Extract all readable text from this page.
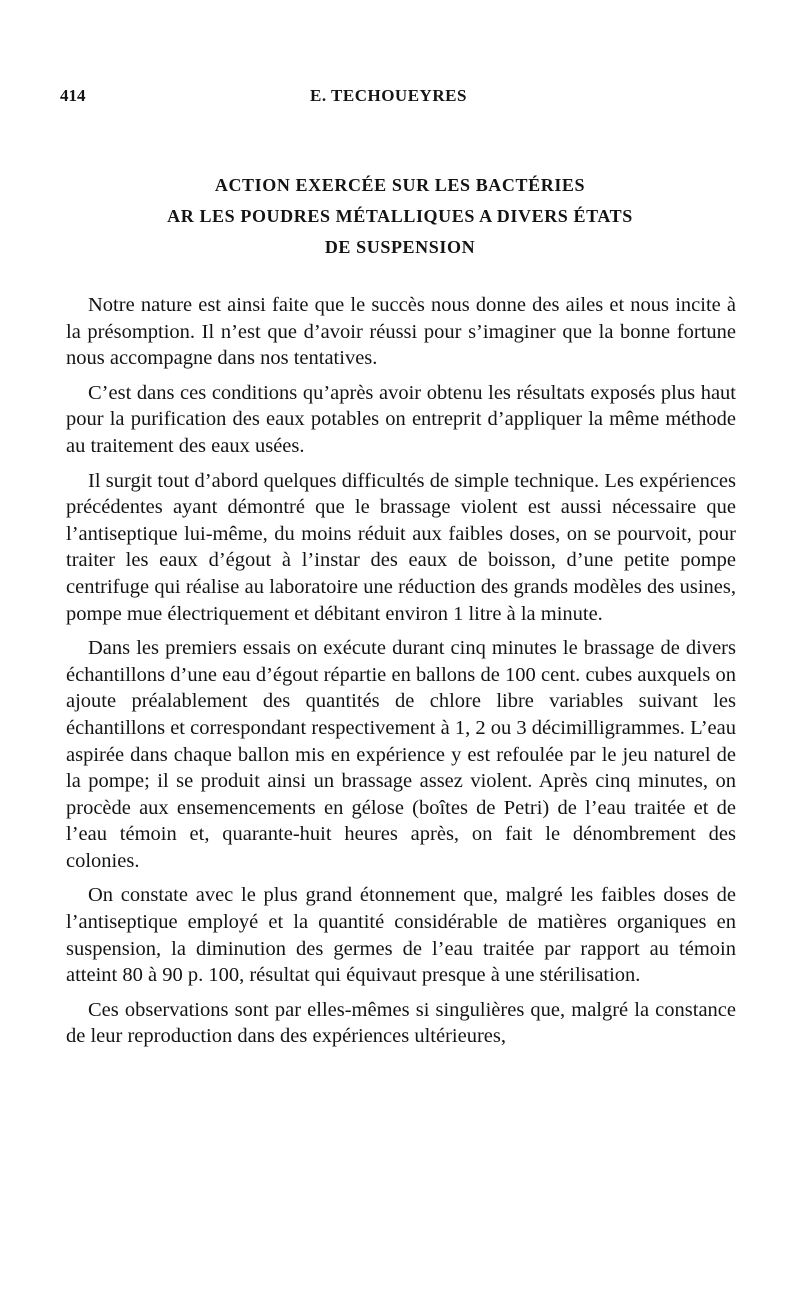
414	E. TECHOUEYRES
ACTION EXERCÉE SUR LES BACTÉRIES
AR LES POUDRES MÉTALLIQUES A DIVERS ÉTATS
DE SUSPENSION

Notre nature est ainsi faite que le succès nous donne des ailes et nous incite à la présomption. Il n’est que d’avoir réussi pour s’imaginer que la bonne fortune nous accompagne dans nos tentatives.

C’est dans ces conditions qu’après avoir obtenu les résultats exposés plus haut pour la purification des eaux potables on entreprit d’appliquer la même méthode au traitement des eaux usées.

Il surgit tout d’abord quelques difficultés de simple technique. Les expériences précédentes ayant démontré que le brassage violent est aussi nécessaire que l’antiseptique lui-même, du moins réduit aux faibles doses, on se pourvoit, pour traiter les eaux d’égout à l’instar des eaux de boisson, d’une petite pompe centrifuge qui réalise au laboratoire une réduction des grands modèles des usines, pompe mue électriquement et débitant environ 1 litre à la minute.

Dans les premiers essais on exécute durant cinq minutes le brassage de divers échantillons d’une eau d’égout répartie en ballons de 100 cent. cubes auxquels on ajoute préalablement des quantités de chlore libre variables suivant les échantillons et correspondant respectivement à 1, 2 ou 3 décimilligrammes. L’eau aspirée dans chaque ballon mis en expérience y est refoulée par le jeu naturel de la pompe; il se produit ainsi un brassage assez violent. Après cinq minutes, on procède aux ensemencements en gélose (boîtes de Petri) de l’eau traitée et de l’eau témoin et, quarante-huit heures après, on fait le dénombrement des colonies.

On constate avec le plus grand étonnement que, malgré les faibles doses de l’antiseptique employé et la quantité considérable de matières organiques en suspension, la diminution des germes de l’eau traitée par rapport au témoin atteint 80 à 90 p. 100, résultat qui équivaut presque à une stérilisation.

Ces observations sont par elles-mêmes si singulières que, malgré la constance de leur reproduction dans des expériences ultérieures,
